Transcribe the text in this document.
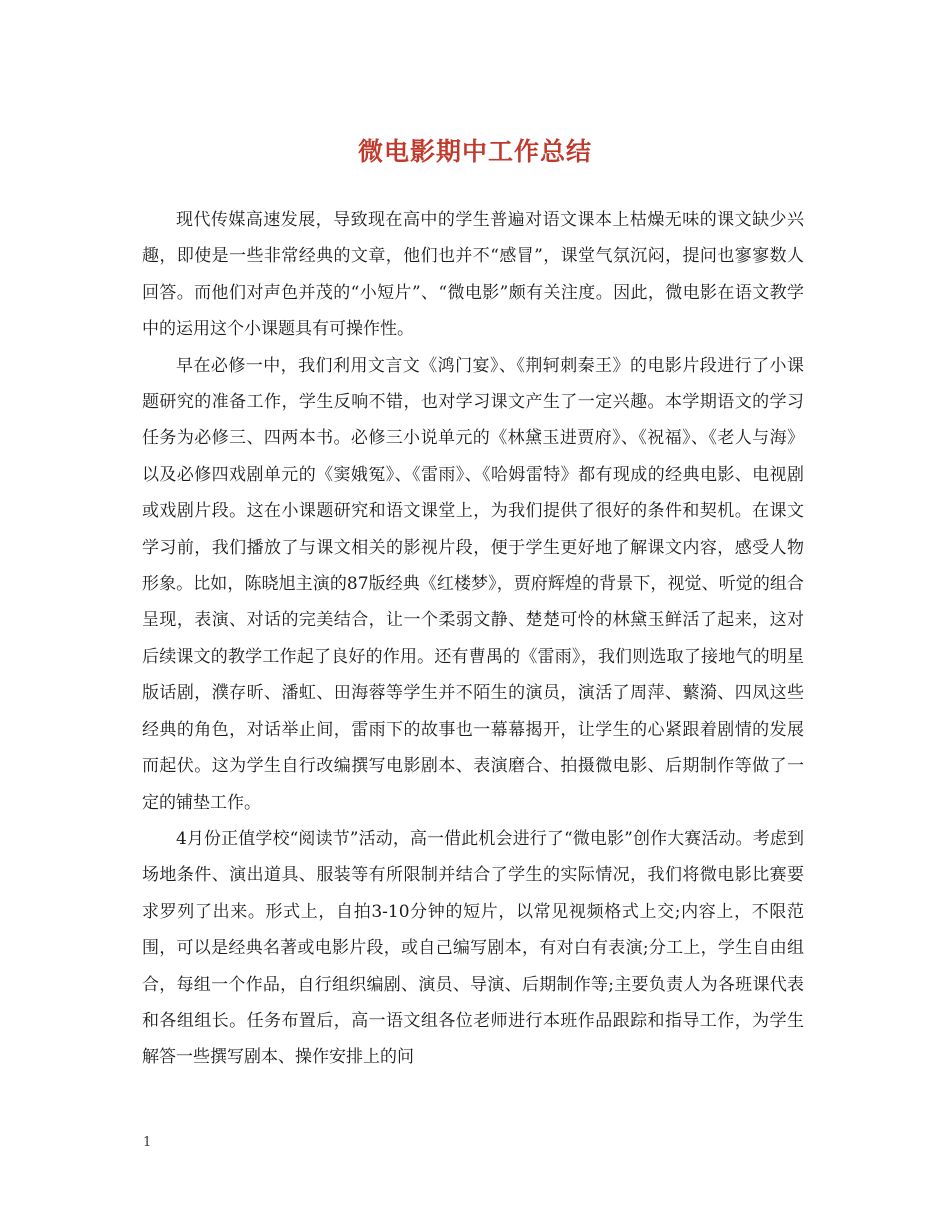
微电影期中工作总结

现代传媒高速发展，导致现在高中的学生普遍对语文课本上枯燥无味的课文缺少兴趣，即使是一些非常经典的文章，他们也并不“感冒”，课堂气氛沉闷，提问也寥寥数人回答。而他们对声色并茂的“小短片”、“微电影”颇有关注度。因此，微电影在语文教学中的运用这个小课题具有可操作性。

早在必修一中，我们利用文言文《鸿门宴》、《荆轲刺秦王》的电影片段进行了小课题研究的准备工作，学生反响不错，也对学习课文产生了一定兴趣。本学期语文的学习任务为必修三、四两本书。必修三小说单元的《林黛玉进贾府》、《祝福》、《老人与海》以及必修四戏剧单元的《窦娥冤》、《雷雨》、《哈姆雷特》都有现成的经典电影、电视剧或戏剧片段。这在小课题研究和语文课堂上，为我们提供了很好的条件和契机。在课文学习前，我们播放了与课文相关的影视片段，便于学生更好地了解课文内容，感受人物形象。比如，陈晓旭主演的87版经典《红楼梦》，贾府辉煌的背景下，视觉、听觉的组合呈现，表演、对话的完美结合，让一个柔弱文静、楚楚可怜的林黛玉鲜活了起来，这对后续课文的教学工作起了良好的作用。还有曹禺的《雷雨》，我们则选取了接地气的明星版话剧，濮存昕、潘虹、田海蓉等学生并不陌生的演员，演活了周萍、蘩漪、四凤这些经典的角色，对话举止间，雷雨下的故事也一幕幕揭开，让学生的心紧跟着剧情的发展而起伏。这为学生自行改编撰写电影剧本、表演磨合、拍摄微电影、后期制作等做了一定的铺垫工作。

4月份正值学校“阅读节”活动，高一借此机会进行了“微电影”创作大赛活动。考虑到场地条件、演出道具、服装等有所限制并结合了学生的实际情况，我们将微电影比赛要求罗列了出来。形式上，自拍3-10分钟的短片，以常见视频格式上交;内容上，不限范围，可以是经典名著或电影片段，或自己编写剧本，有对白有表演;分工上，学生自由组合，每组一个作品，自行组织编剧、演员、导演、后期制作等;主要负责人为各班课代表和各组组长。任务布置后，高一语文组各位老师进行本班作品跟踪和指导工作，为学生解答一些撰写剧本、操作安排上的问

1
